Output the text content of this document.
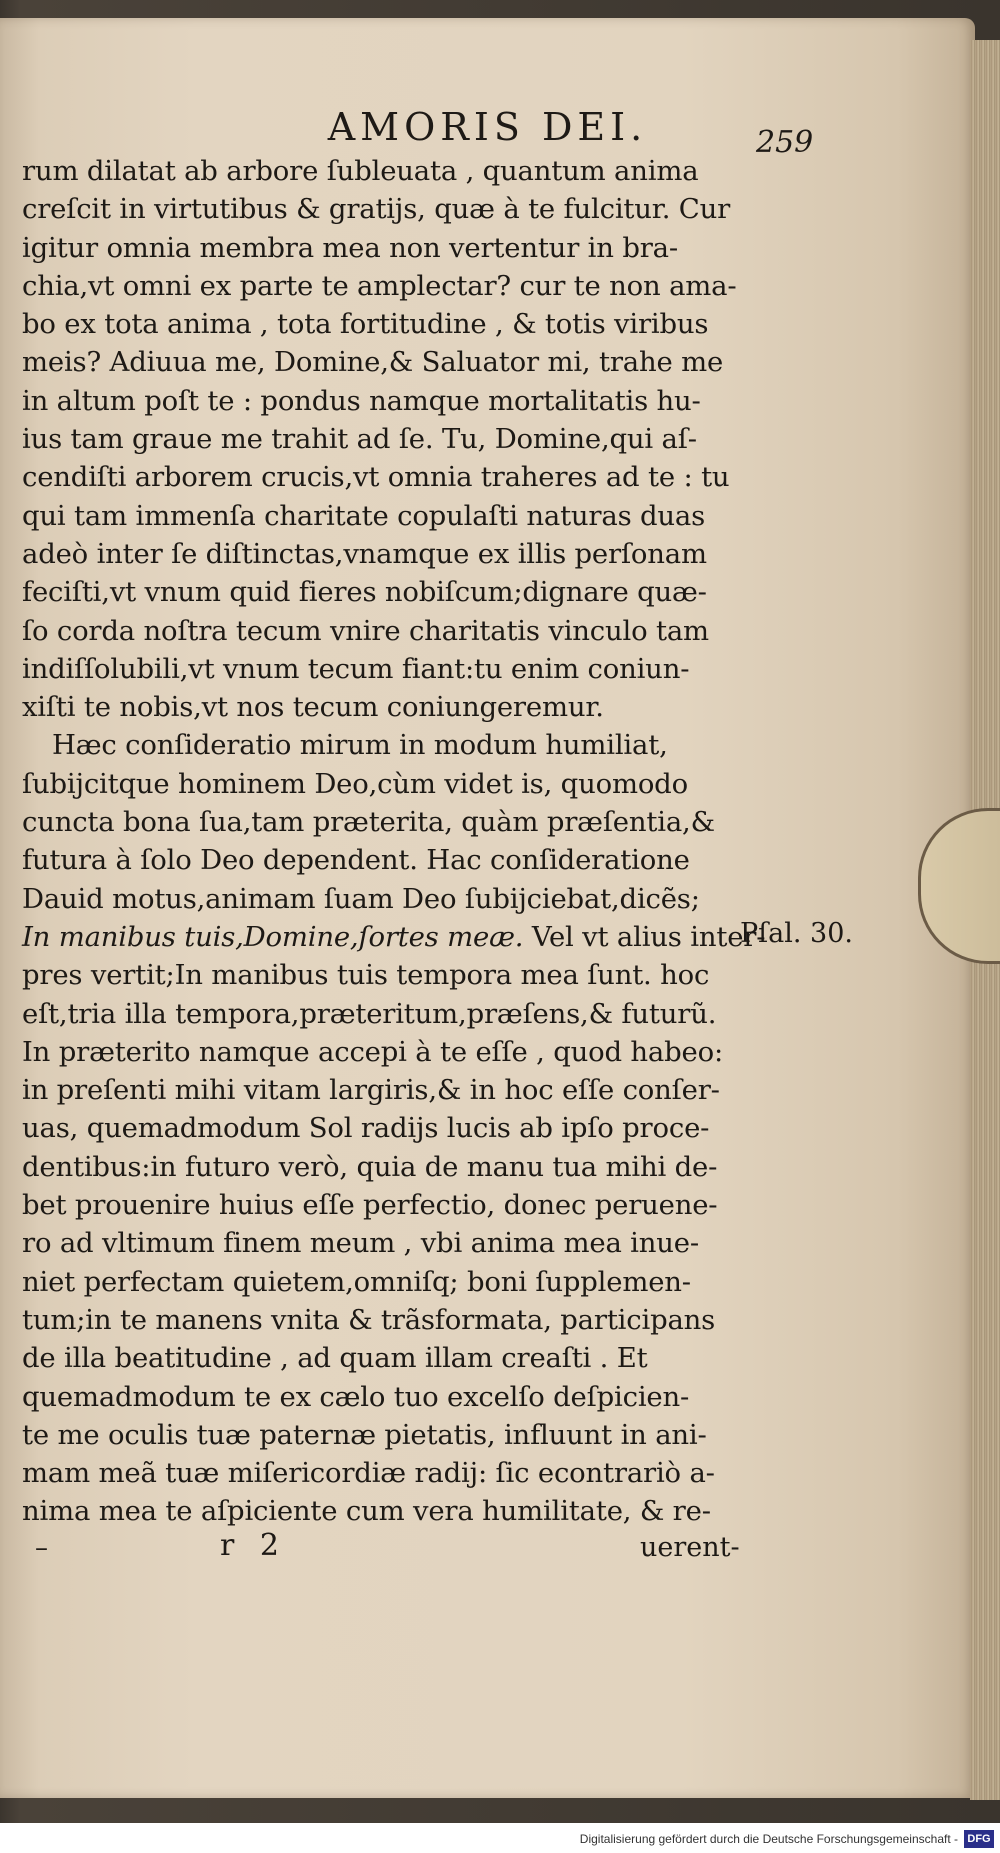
AMORIS DEI.	259
rum dilatat ab arbore ſubleuata , quantum anima
creſcit in virtutibus & gratijs, quæ à te fulcitur. Cur
igitur omnia membra mea non vertentur in bra-
chia,vt omni ex parte te amplectar? cur te non ama-
bo ex tota anima , tota fortitudine , & totis viribus
meis? Adiuua me, Domine,& Saluator mi, trahe me
in altum poſt te : pondus namque mortalitatis hu-
ius tam graue me trahit ad ſe. Tu, Domine,qui aſ-
cendiſti arborem crucis,vt omnia traheres ad te : tu
qui tam immenſa charitate copulaſti naturas duas
adeò inter ſe diſtinctas,vnamque ex illis perſonam
feciſti,vt vnum quid fieres nobiſcum;dignare quæ-
ſo corda noſtra tecum vnire charitatis vinculo tam
indiſſolubili,vt vnum tecum fiant:tu enim coniun-
xiſti te nobis,vt nos tecum coniungeremur.
Hæc conſideratio mirum in modum humiliat,
ſubijcitque hominem Deo,cùm videt is, quomodo
cuncta bona ſua,tam præterita, quàm præſentia,&
futura à ſolo Deo dependent. Hac conſideratione
Dauid motus,animam ſuam Deo ſubijciebat,dicẽs;
In manibus tuis,Domine,ſortes meæ. Vel vt alius inter-
pres vertit;In manibus tuis tempora mea ſunt. hoc
eſt,tria illa tempora,præteritum,præſens,& futurũ.
In præterito namque accepi à te eſſe , quod habeo:
in preſenti mihi vitam largiris,& in hoc eſſe conſer-
uas, quemadmodum Sol radijs lucis ab ipſo proce-
dentibus:in futuro verò, quia de manu tua mihi de-
bet prouenire huius eſſe perfectio, donec peruene-
ro ad vltimum finem meum , vbi anima mea inue-
niet perfectam quietem,omniſq; boni ſupplemen-
tum;in te manens vnita & trãsformata, participans
de illa beatitudine , ad quam illam creaſti . Et
quemadmodum te ex cælo tuo excelſo deſpicien-
te me oculis tuæ paternæ pietatis, influunt in ani-
mam meã tuæ miſericordiæ radij: ſic econtrariò a-
nima mea te aſpiciente cum vera humilitate, & re-
Pſal. 30.
–	r 2	uerent-
Digitalisierung gefördert durch die Deutsche Forschungsgemeinschaft - DFG
